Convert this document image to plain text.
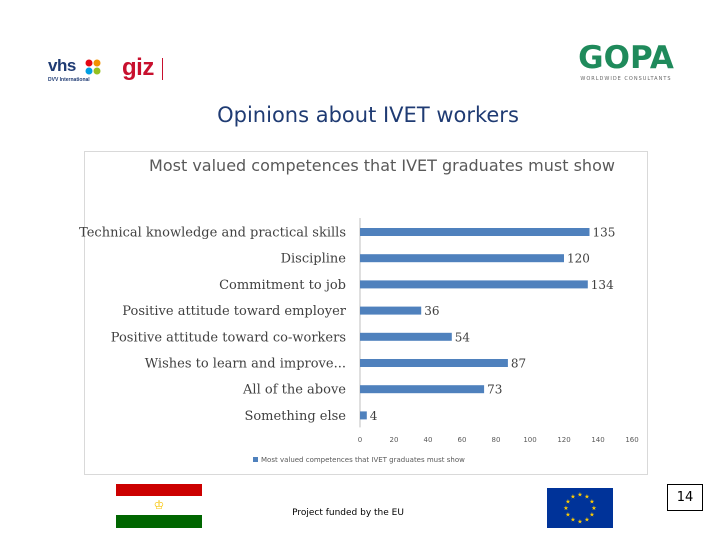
vhs
DVV International giz	GOPA
WORLDWIDE CONSULTANTS
Opinions about IVET workers
Most valued competences that IVET graduates must show
Technical knowledge and practical skills	135
Discipline	120
Commitment to job	134
Positive attitude toward employer	36
Positive attitude toward co-workers	54
Wishes to learn and improve...	87
All of the above	73
Something else 4
0	20	40	60	80	100	120	140	160
Most valued competences that IVET graduates must show
♔
Project funded by the EU
★ ★
★
★
★
★
★
★
★
★
★
★	14
